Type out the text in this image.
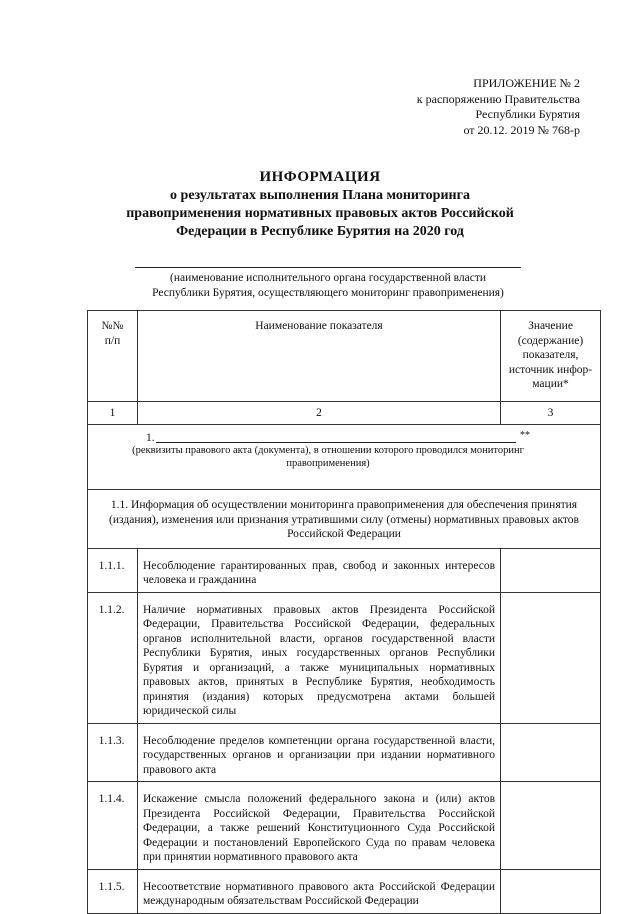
ПРИЛОЖЕНИЕ № 2
к распоряжению Правительства
Республики Бурятия
от 20.12. 2019 № 768-р
ИНФОРМАЦИЯ
о результатах выполнения Плана мониторинга
правоприменения нормативных правовых актов Российской
Федерации в Республике Бурятия на 2020 год
(наименование исполнительного органа государственной власти
Республики Бурятия, осуществляющего мониторинг правоприменения)
№№ п/п	Наименование показателя	Значение (содержание) показателя, источник инфор-мации*

1	2	3

1. **
(реквизиты правового акта (документа), в отношении которого проводился мониторинг правоприменения)		

1.1. Информация об осуществлении мониторинга правоприменения для обеспечения принятия (издания), изменения или признания утратившими силу (отмены) нормативных правовых актов Российской Федерации		
1.1.1.	Несоблюдение гарантированных прав, свобод и законных интересов человека и гражданина	
1.1.2.	Наличие нормативных правовых актов Президента Российской Федерации, Правительства Российской Федерации, федеральных органов исполнительной власти, органов государственной власти Республики Бурятия, иных государственных органов Республики Бурятия и организаций, а также муниципальных нормативных правовых актов, принятых в Республике Бурятия, необходимость принятия (издания) которых предусмотрена актами большей юридической силы	
1.1.3.	Несоблюдение пределов компетенции органа государственной власти, государственных органов и организации при издании нормативного правового акта	
1.1.4.	Искажение смысла положений федерального закона и (или) актов Президента Российской Федерации, Правительства Российской Федерации, а также решений Конституционного Суда Российской Федерации и постановлений Европейского Суда по правам человека при принятии нормативного правового акта	
1.1.5.	Несоответствие нормативного правового акта Российской Федерации международным обязательствам Российской Федерации	
